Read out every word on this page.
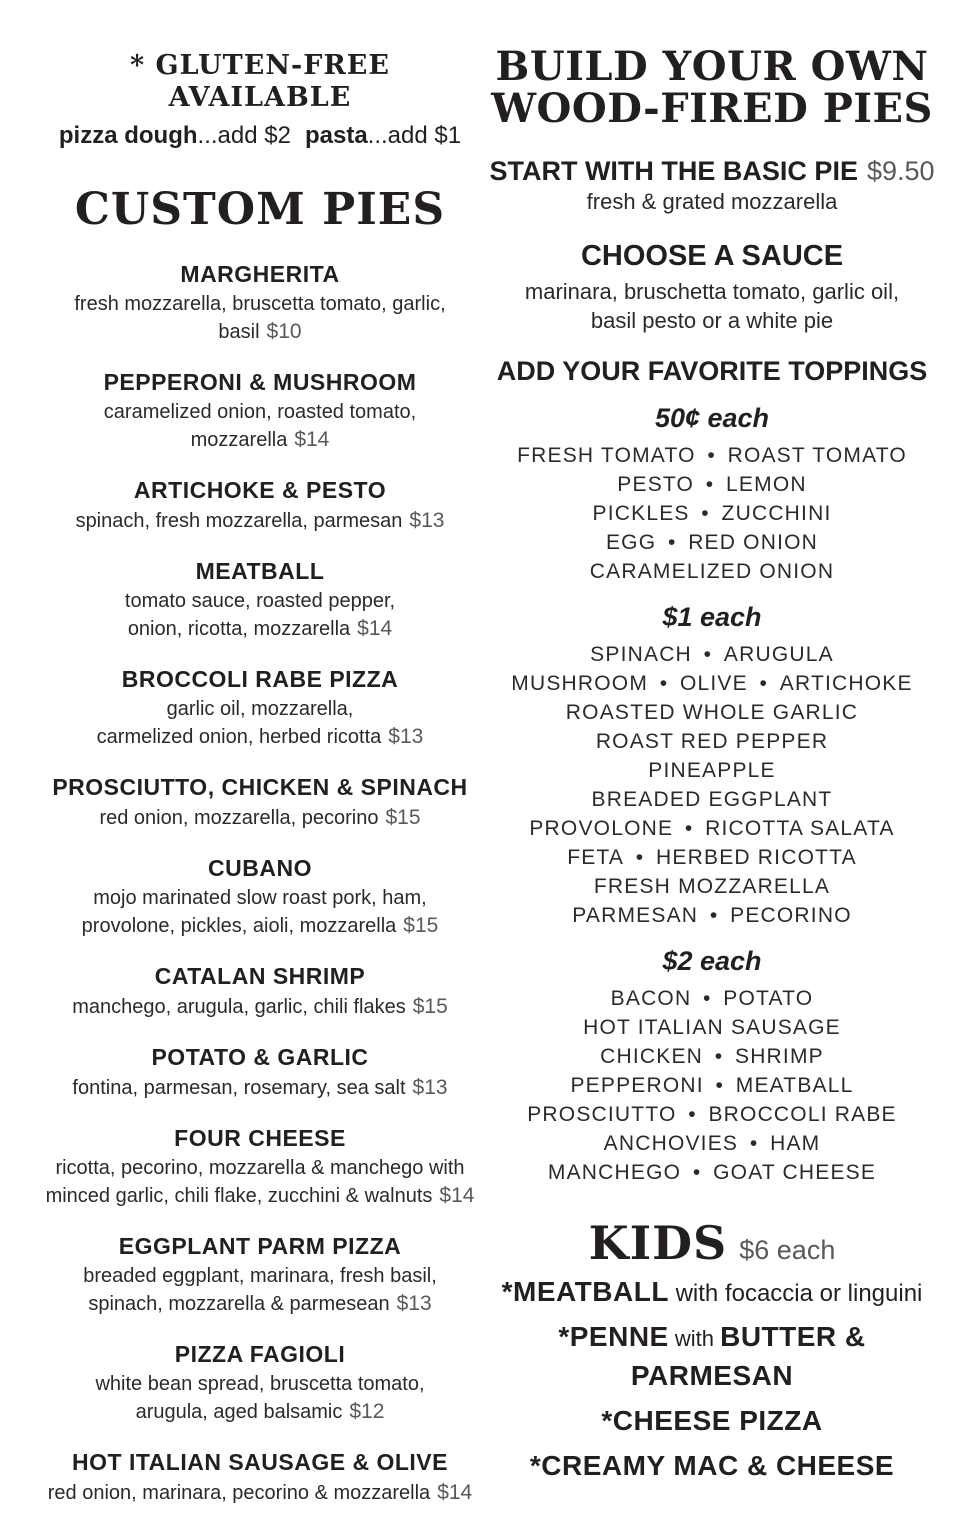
* GLUTEN-FREE AVAILABLE
pizza dough...add $2 pasta...add $1
CUSTOM PIES
MARGHERITA
fresh mozzarella, bruscetta tomato, garlic, basil $10
PEPPERONI & MUSHROOM
caramelized onion, roasted tomato, mozzarella $14
ARTICHOKE & PESTO
spinach, fresh mozzarella, parmesan $13
MEATBALL
tomato sauce, roasted pepper,
onion, ricotta, mozzarella $14
BROCCOLI RABE PIZZA
garlic oil, mozzarella,
carmelized onion, herbed ricotta $13
PROSCIUTTO, CHICKEN & SPINACH
red onion, mozzarella, pecorino $15
CUBANO
mojo marinated slow roast pork, ham,
provolone, pickles, aioli, mozzarella $15
CATALAN SHRIMP
manchego, arugula, garlic, chili flakes $15
POTATO & GARLIC
fontina, parmesan, rosemary, sea salt $13
FOUR CHEESE
ricotta, pecorino, mozzarella & manchego with
minced garlic, chili flake, zucchini & walnuts $14
EGGPLANT PARM PIZZA
breaded eggplant, marinara, fresh basil,
spinach, mozzarella & parmesean $13
PIZZA FAGIOLI
white bean spread, bruscetta tomato,
arugula, aged balsamic $12
HOT ITALIAN SAUSAGE & OLIVE
red onion, marinara, pecorino & mozzarella $14
BUILD YOUR OWN
WOOD-FIRED PIES
START WITH THE BASIC PIE $9.50
fresh & grated mozzarella
CHOOSE A SAUCE
marinara, bruschetta tomato, garlic oil,
basil pesto or a white pie
ADD YOUR FAVORITE TOPPINGS
50¢ each
FRESH TOMATO • ROAST TOMATO
PESTO • LEMON
PICKLES • ZUCCHINI
EGG • RED ONION
CARAMELIZED ONION
$1 each
SPINACH • ARUGULA
MUSHROOM • OLIVE • ARTICHOKE
ROASTED WHOLE GARLIC
ROAST RED PEPPER
PINEAPPLE
BREADED EGGPLANT
PROVOLONE • RICOTTA SALATA
FETA • HERBED RICOTTA
FRESH MOZZARELLA
PARMESAN • PECORINO
$2 each
BACON • POTATO
HOT ITALIAN SAUSAGE
CHICKEN • SHRIMP
PEPPERONI • MEATBALL
PROSCIUTTO • BROCCOLI RABE
ANCHOVIES • HAM
MANCHEGO • GOAT CHEESE
KIDS $6 each
*MEATBALL with focaccia or linguini
*PENNE with BUTTER & PARMESAN
*CHEESE PIZZA
*CREAMY MAC & CHEESE
